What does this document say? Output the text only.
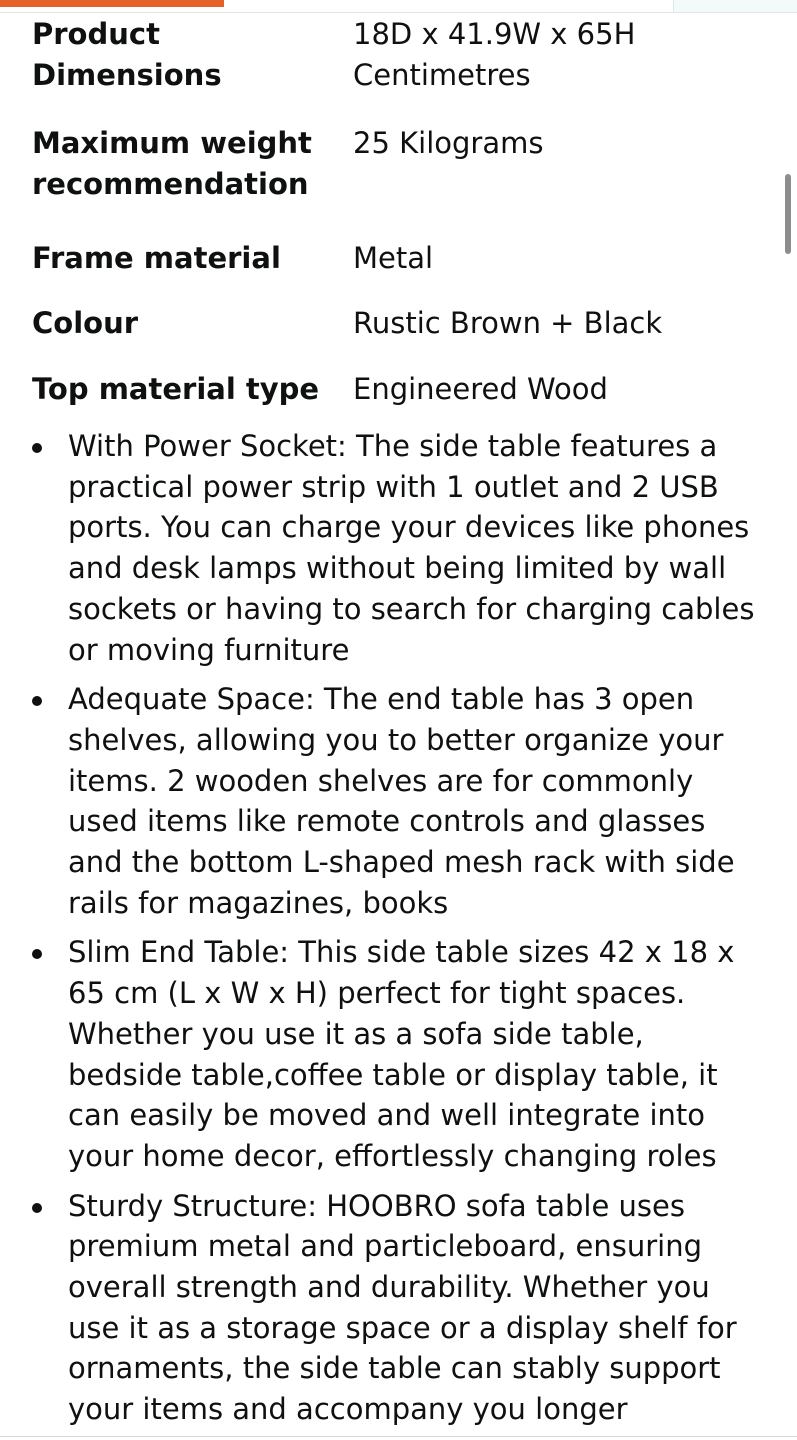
Product Dimensions	18D x 41.9W x 65H Centimetres
Maximum weight recommendation	25 Kilograms
Frame material	Metal
Colour	Rustic Brown + Black
Top material type	Engineered Wood
With Power Socket: The side table features a practical power strip with 1 outlet and 2 USB ports. You can charge your devices like phones and desk lamps without being limited by wall sockets or having to search for charging cables or moving furniture
Adequate Space: The end table has 3 open shelves, allowing you to better organize your items. 2 wooden shelves are for commonly used items like remote controls and glasses and the bottom L-shaped mesh rack with side rails for magazines, books
Slim End Table: This side table sizes 42 x 18 x 65 cm (L x W x H) perfect for tight spaces. Whether you use it as a sofa side table, bedside table,coffee table or display table, it can easily be moved and well integrate into your home decor, effortlessly changing roles
Sturdy Structure: HOOBRO sofa table uses premium metal and particleboard, ensuring overall strength and durability. Whether you use it as a storage space or a display shelf for ornaments, the side table can stably support your items and accompany you longer
